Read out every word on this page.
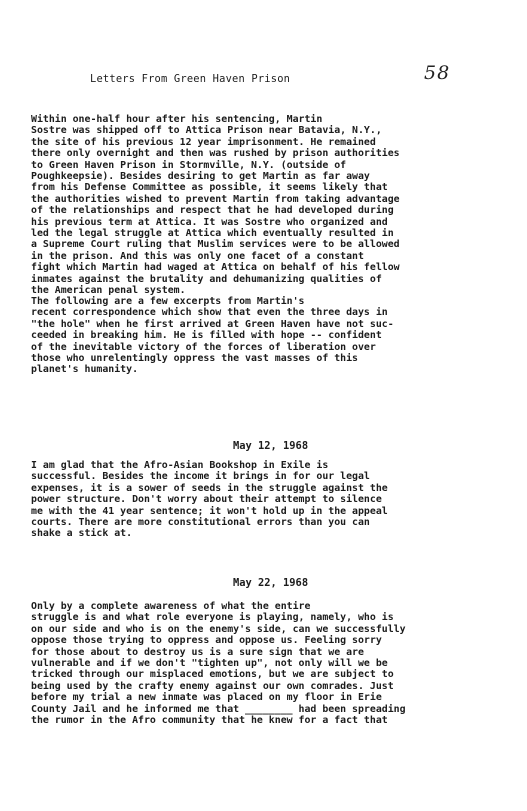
58
Letters From Green Haven Prison

Within one-half hour after his sentencing, Martin
Sostre was shipped off to Attica Prison near Batavia, N.Y.,
the site of his previous 12 year imprisonment. He remained
there only overnight and then was rushed by prison authorities
to Green Haven Prison in Stormville, N.Y. (outside of
Poughkeepsie). Besides desiring to get Martin as far away
from his Defense Committee as possible, it seems likely that
the authorities wished to prevent Martin from taking advantage
of the relationships and respect that he had developed during
his previous term at Attica. It was Sostre who organized and
led the legal struggle at Attica which eventually resulted in
a Supreme Court ruling that Muslim services were to be allowed
in the prison. And this was only one facet of a constant
fight which Martin had waged at Attica on behalf of his fellow
inmates against the brutality and dehumanizing qualities of
the American penal system.

The following are a few excerpts from Martin's
recent correspondence which show that even the three days in
"the hole" when he first arrived at Green Haven have not suc-
ceeded in breaking him. He is filled with hope -- confident
of the inevitable victory of the forces of liberation over
those who unrelentingly oppress the vast masses of this
planet's humanity.

May 12, 1968

I am glad that the Afro-Asian Bookshop in Exile is
successful. Besides the income it brings in for our legal
expenses, it is a sower of seeds in the struggle against the
power structure. Don't worry about their attempt to silence
me with the 41 year sentence; it won't hold up in the appeal
courts. There are more constitutional errors than you can
shake a stick at.

May 22, 1968

Only by a complete awareness of what the entire
struggle is and what role everyone is playing, namely, who is
on our side and who is on the enemy's side, can we successfully
oppose those trying to oppress and oppose us. Feeling sorry
for those about to destroy us is a sure sign that we are
vulnerable and if we don't "tighten up", not only will we be
tricked through our misplaced emotions, but we are subject to
being used by the crafty enemy against our own comrades. Just
before my trial a new inmate was placed on my floor in Erie
County Jail and he informed me that ________ had been spreading
the rumor in the Afro community that he knew for a fact that
